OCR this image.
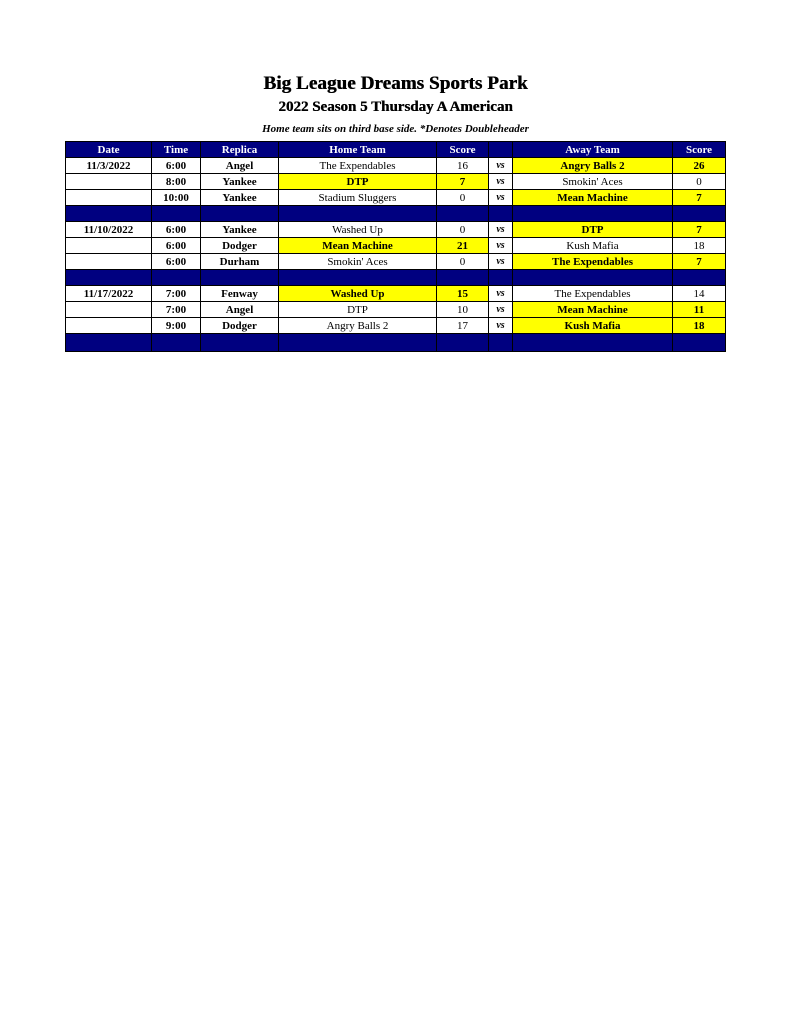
Big League Dreams Sports Park
2022 Season 5 Thursday A American
Home team sits on third base side. *Denotes Doubleheader
Date	Time	Replica	Home Team	Score		Away Team	Score
11/3/2022	6:00	Angel	The Expendables	16	vs	Angry Balls 2	26
	8:00	Yankee	DTP	7	vs	Smokin' Aces	0
	10:00	Yankee	Stadium Sluggers	0	vs	Mean Machine	7

11/10/2022	6:00	Yankee	Washed Up	0	vs	DTP	7
	6:00	Dodger	Mean Machine	21	vs	Kush Mafia	18
	6:00	Durham	Smokin' Aces	0	vs	The Expendables	7

11/17/2022	7:00	Fenway	Washed Up	15	vs	The Expendables	14
	7:00	Angel	DTP	10	vs	Mean Machine	11
	9:00	Dodger	Angry Balls 2	17	vs	Kush Mafia	18
